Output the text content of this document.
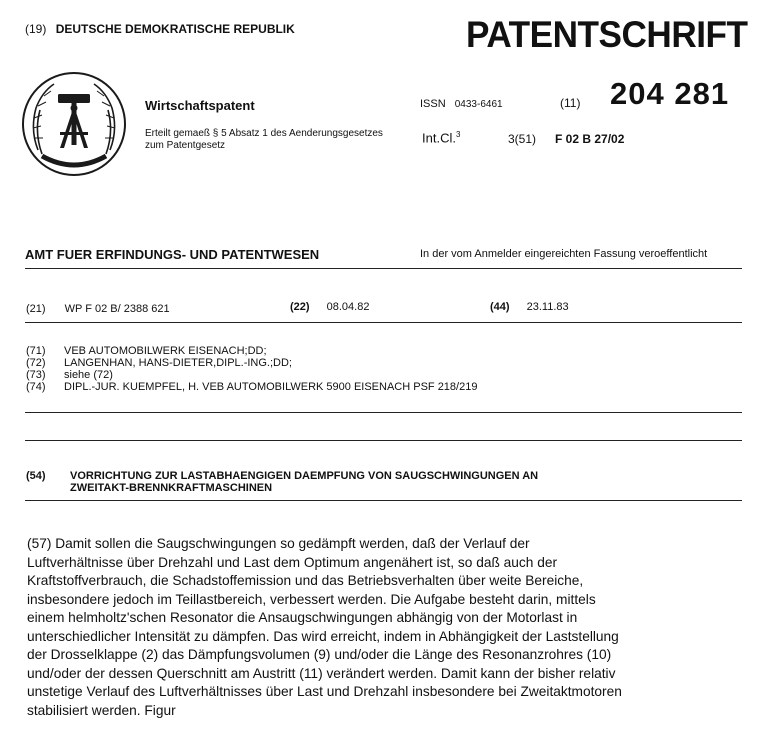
(19) DEUTSCHE DEMOKRATISCHE REPUBLIK	PATENTSCHRIFT
Wirtschaftspatent
Erteilt gemaeß § 5 Absatz 1 des Aenderungsgesetzes
zum Patentgesetz
ISSN 0433-6461	(11) 204 281
Int.Cl.$^3$	3(51) F 02 B 27/02
AMT FUER ERFINDUNGS- UND PATENTWESEN	In der vom Anmelder eingereichten Fassung veroeffentlicht
(21) WP F 02 B/ 2388 621	(22) 08.04.82	(44) 23.11.83
(71) VEB AUTOMOBILWERK EISENACH;DD;
(72) LANGENHAN, HANS-DIETER,DIPL.-ING.;DD;
(73) siehe (72)
(74) DIPL.-JUR. KUEMPFEL, H. VEB AUTOMOBILWERK 5900 EISENACH PSF 218/219
(54) VORRICHTUNG ZUR LASTABHAENGIGEN DAEMPFUNG VON SAUGSCHWINGUNGEN AN
ZWEITAKT-BRENNKRAFTMASCHINEN
(57) Damit sollen die Saugschwingungen so gedämpft werden, daß der Verlauf der
Luftverhältnisse über Drehzahl und Last dem Optimum angenähert ist, so daß auch der
Kraftstoffverbrauch, die Schadstoffemission und das Betriebsverhalten über weite Bereiche,
insbesondere jedoch im Teillastbereich, verbessert werden. Die Aufgabe besteht darin, mittels
einem helmholtz'schen Resonator die Ansaugschwingungen abhängig von der Motorlast in
unterschiedlicher Intensität zu dämpfen. Das wird erreicht, indem in Abhängigkeit der Laststellung
der Drosselklappe (2) das Dämpfungsvolumen (9) und/oder die Länge des Resonanzrohres (10)
und/oder der dessen Querschnitt am Austritt (11) verändert werden. Damit kann der bisher relativ
unstetige Verlauf des Luftverhältnisses über Last und Drehzahl insbesondere bei Zweitaktmotoren
stabilisiert werden. Figur
